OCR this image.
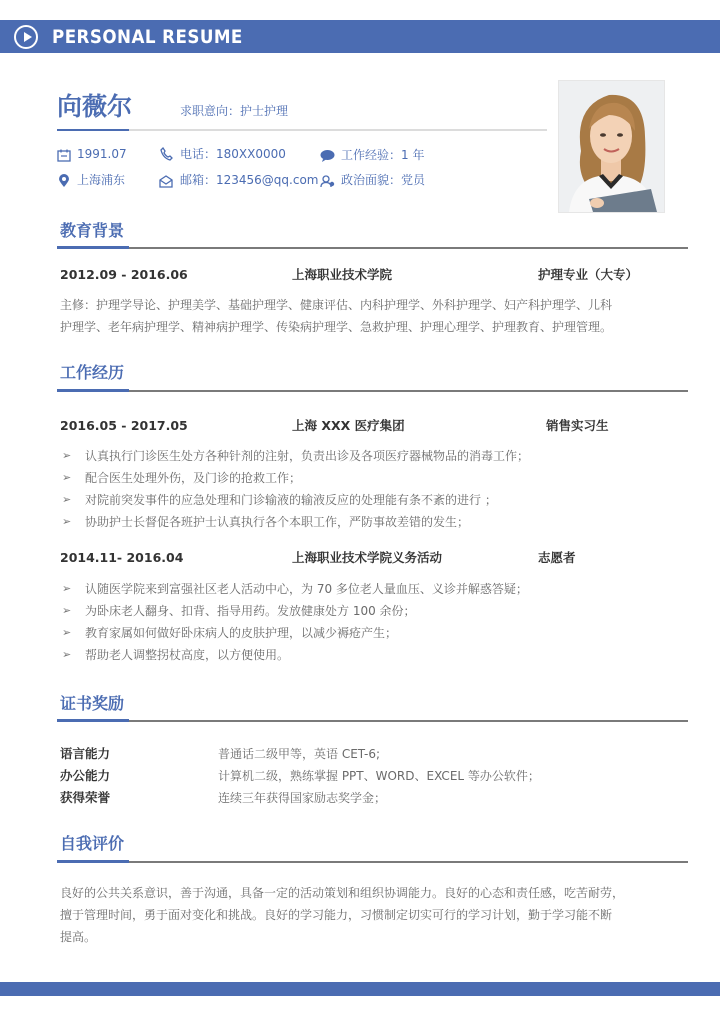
PERSONAL RESUME
向薇尔	求职意向：护士护理
1991.07	电话：180XX0000	工作经验：1 年
上海浦东	邮箱：123456@qq.com 政治面貌：党员
教育背景
2012.09 - 2016.06	上海职业技术学院	护理专业（大专）
主修：护理学导论、护理美学、基础护理学、健康评估、内科护理学、外科护理学、妇产科护理学、儿科
护理学、老年病护理学、精神病护理学、传染病护理学、急救护理、护理心理学、护理教育、护理管理。
工作经历
2016.05 - 2017.05	上海 XXX 医疗集团	销售实习生
➢ 认真执行门诊医生处方各种针剂的注射，负责出诊及各项医疗器械物品的消毒工作；
➢ 配合医生处理外伤，及门诊的抢救工作；
➢ 对院前突发事件的应急处理和门诊输液的输液反应的处理能有条不紊的进行 ；
➢ 协助护士长督促各班护士认真执行各个本职工作，严防事故差错的发生；
2014.11- 2016.04	上海职业技术学院义务活动	志愿者
➢ 认随医学院来到富强社区老人活动中心，为 70 多位老人量血压、义诊并解惑答疑；
➢ 为卧床老人翻身、扣背、指导用药。发放健康处方 100 余份；
➢ 教育家属如何做好卧床病人的皮肤护理，以减少褥疮产生；
➢ 帮助老人调整拐杖高度，以方便使用。
证书奖励
语言能力	普通话二级甲等，英语 CET-6;
办公能力	计算机二级，熟练掌握 PPT、WORD、EXCEL 等办公软件；
获得荣誉	连续三年获得国家励志奖学金；
自我评价
良好的公共关系意识，善于沟通，具备一定的活动策划和组织协调能力。良好的心态和责任感，吃苦耐劳，
擅于管理时间，勇于面对变化和挑战。良好的学习能力，习惯制定切实可行的学习计划，勤于学习能不断
提高。
